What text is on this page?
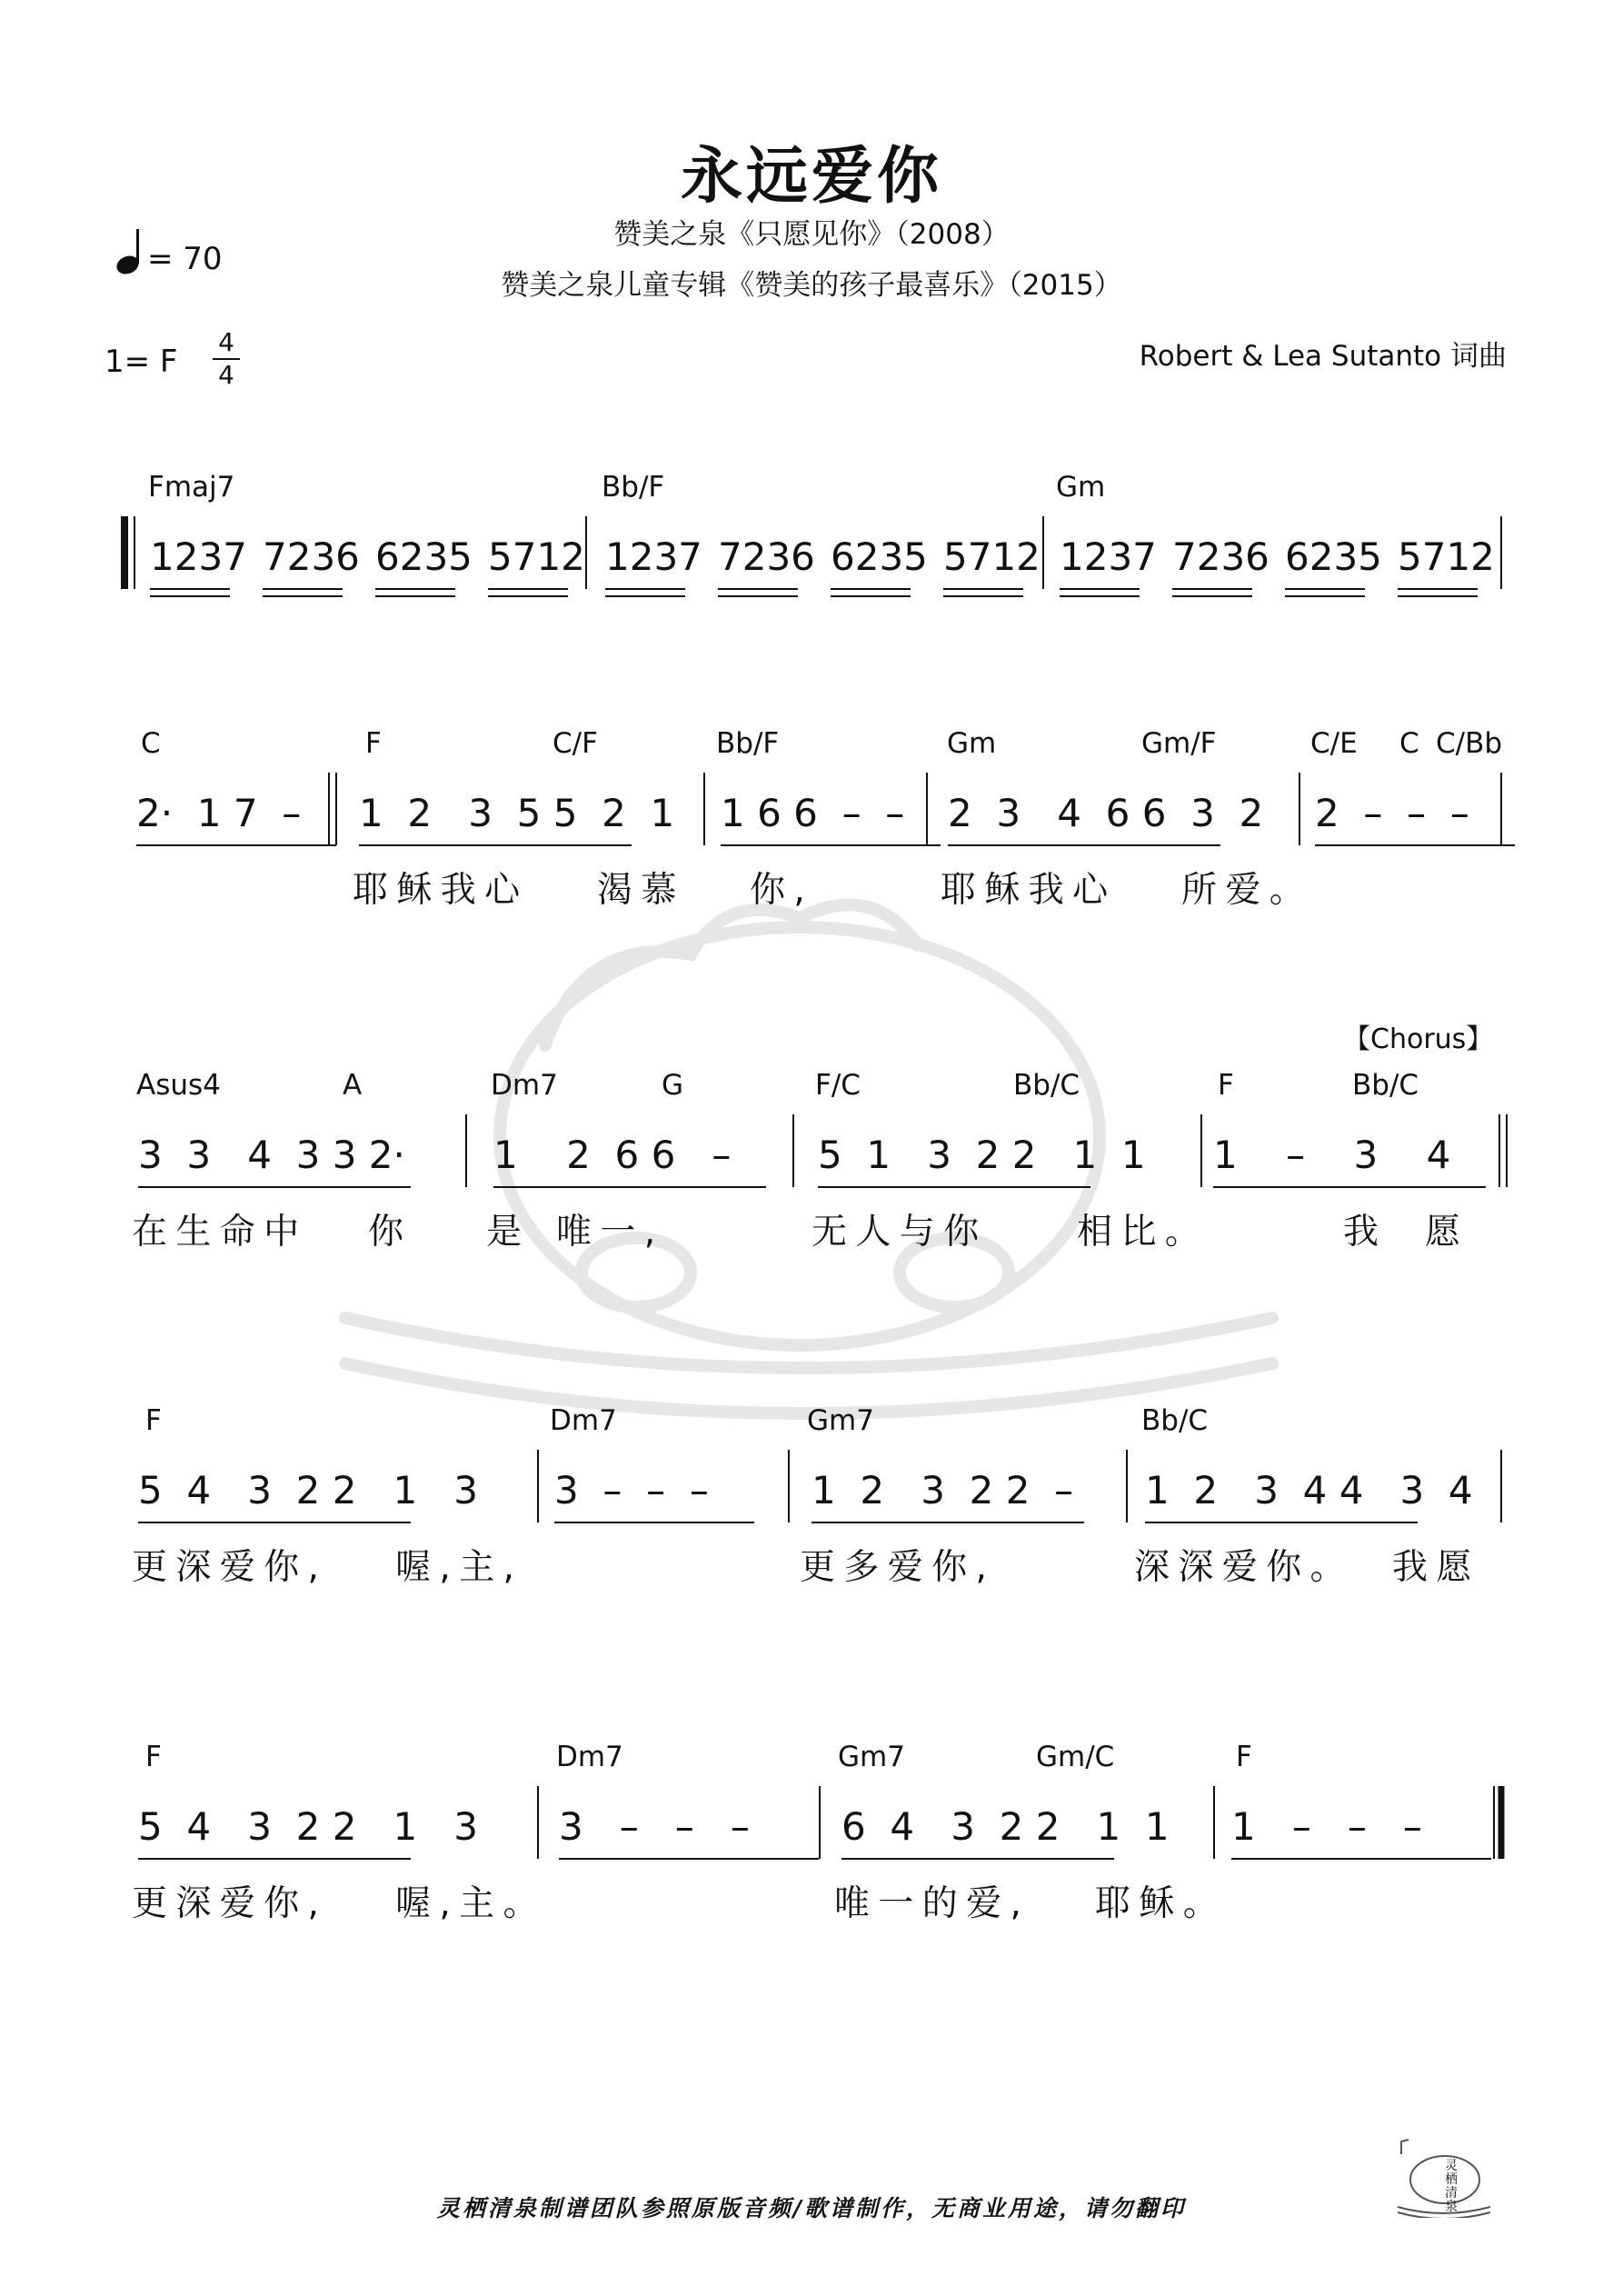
永远爱你
赞美之泉《只愿见你》（2008）
赞美之泉儿童专辑《赞美的孩子最喜乐》（2015）
= 70
1= F
4
4
Robert & Lea Sutanto 词曲
Fmaj7	Bb/F	Gm
1237 7236 6235 5712 1237 7236 6235 5712 1237 7236 6235 5712
C	F	C/F	Bb/F	Gm	Gm/F	C/E C C/Bb
2·  1 7  – 1  2   3  5 5  2  1 1 6 6  –  – 2  3   4  6 6  3  2 2  –  –  –
耶稣我心 渴慕 你,	耶稣我心 所爱。
Asus4	A	Dm7	G	F/C	Bb/C	F	Bb/C
3  3   4  3 3 2· 1    2  6 6   – 5  1   3  2 2   1  1 1    –    3    4
在生命中 你 是 唯一,	无人与你	相比。	我 愿
F	Dm7	Gm7	Bb/C
5  4   3  2 2   1   3 3  –  –  –	1  2   3  2 2  – 1  2   3  4 4   3  4
更深爱你, 喔,主,	更多爱你,	深深爱你。 我愿
F	Dm7	Gm7	Gm/C	F
5  4   3  2 2   1   3 3   –   –   – 6  4   3  2 2   1  1 1   –   –   –
更深爱你, 喔,主。	唯一的爱, 耶稣。
【Chorus】
灵栖清泉制谱团队参照原版音频/歌谱制作，无商业用途，请勿翻印
灵栖清泉
